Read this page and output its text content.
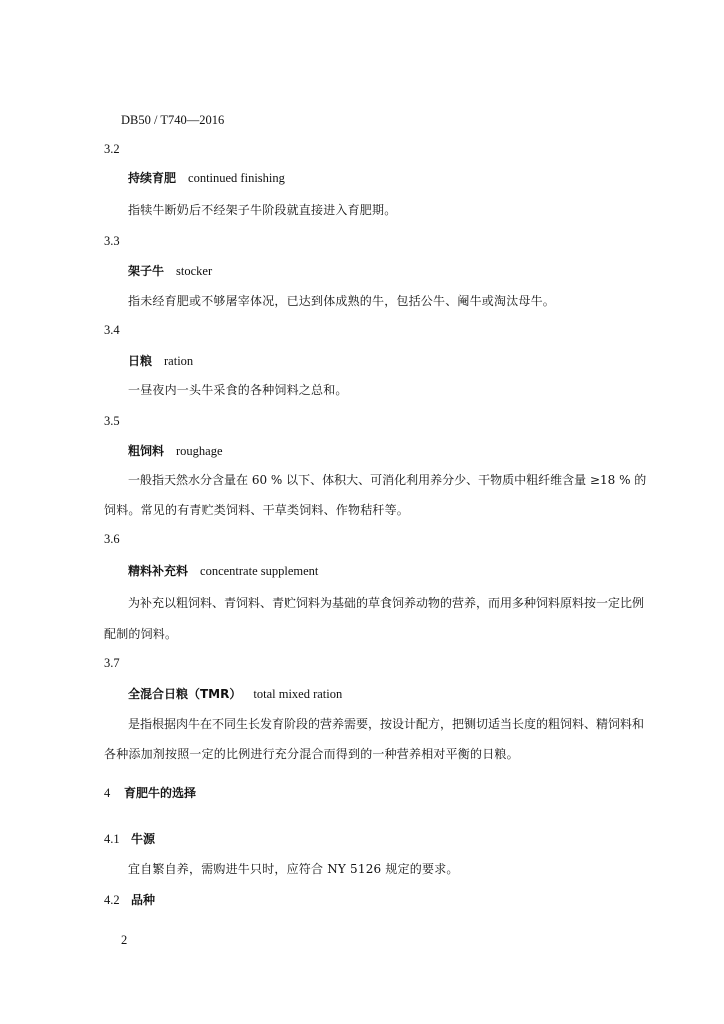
DB50 / T740—2016
3.2
持续育肥 continued finishing
指犊牛断奶后不经架子牛阶段就直接进入育肥期。
3.3
架子牛 stocker
指未经育肥或不够屠宰体况，已达到体成熟的牛，包括公牛、阉牛或淘汰母牛。
3.4
日粮 ration
一昼夜内一头牛采食的各种饲料之总和。
3.5
粗饲料 roughage
一般指天然水分含量在 60 % 以下、体积大、可消化利用养分少、干物质中粗纤维含量 ≥18 % 的
饲料。常见的有青贮类饲料、干草类饲料、作物秸秆等。
3.6
精料补充料 concentrate supplement
为补充以粗饲料、青饲料、青贮饲料为基础的草食饲养动物的营养，而用多种饲料原料按一定比例
配制的饲料。
3.7
全混合日粮（TMR） total mixed ration
是指根据肉牛在不同生长发育阶段的营养需要，按设计配方，把铡切适当长度的粗饲料、精饲料和
各种添加剂按照一定的比例进行充分混合而得到的一种营养相对平衡的日粮。
4 育肥牛的选择
4.1 牛源
宜自繁自养，需购进牛只时，应符合 NY 5126 规定的要求。
4.2 品种
2
